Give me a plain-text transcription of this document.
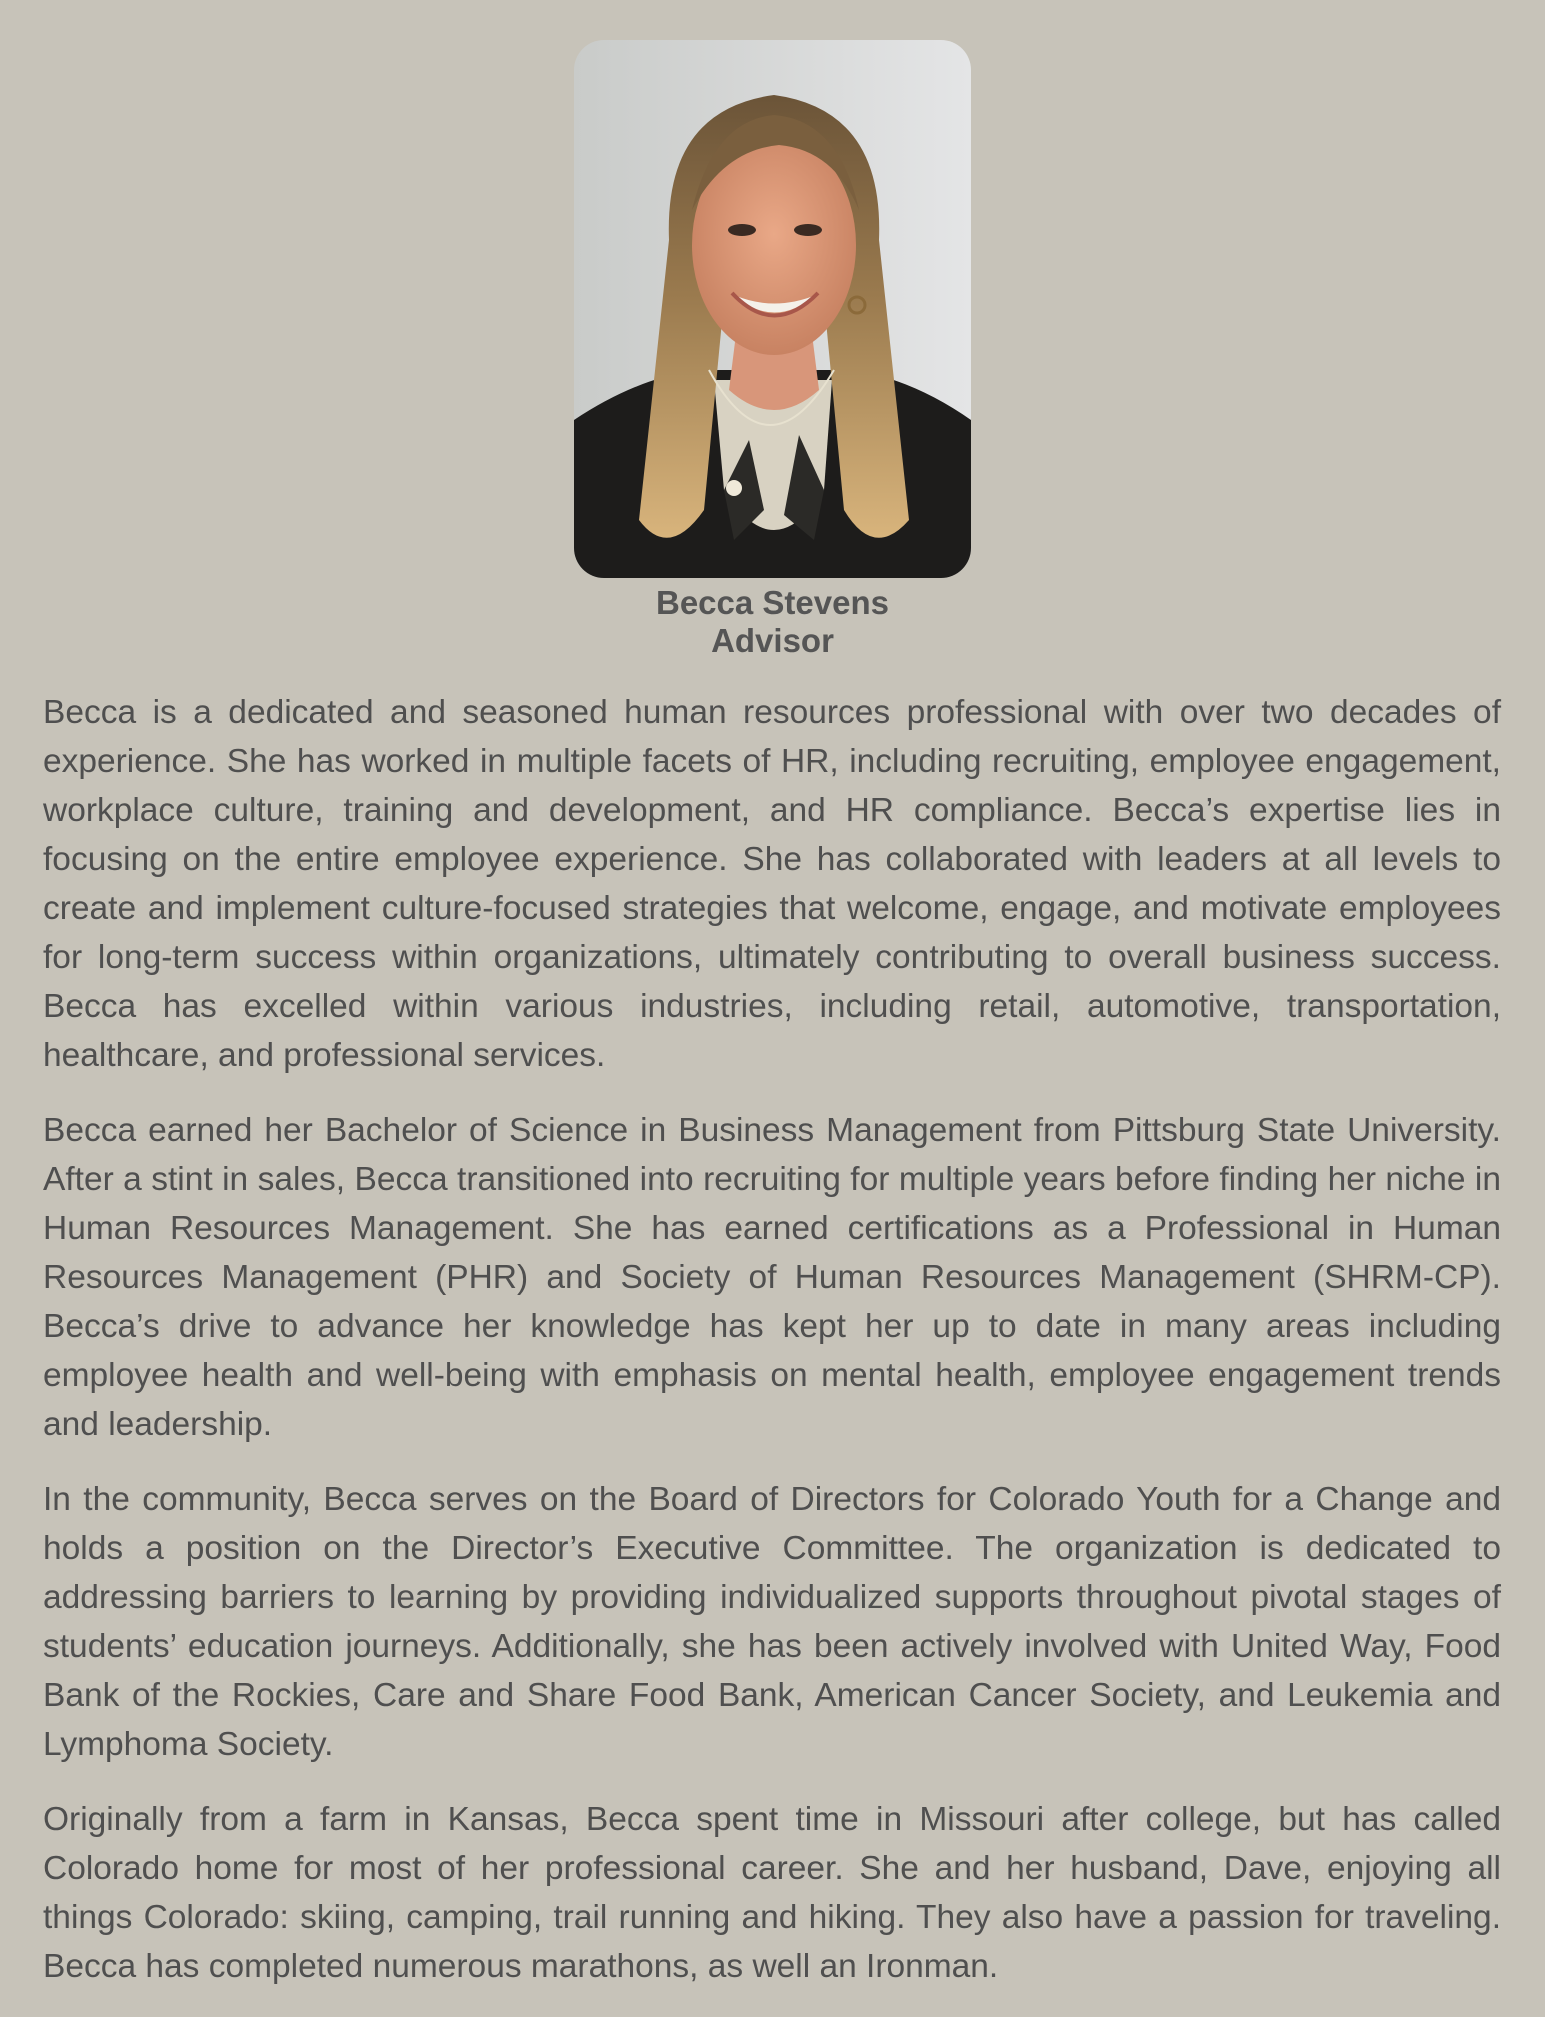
Becca Stevens
Advisor

Becca is a dedicated and seasoned human resources professional with over two decades of experience. She has worked in multiple facets of HR, including recruiting, employee engagement, workplace culture, training and development, and HR compliance. Becca’s expertise lies in focusing on the entire employee experience. She has collaborated with leaders at all levels to create and implement culture-focused strategies that welcome, engage, and motivate employees for long-term success within organizations, ultimately contributing to overall business success. Becca has excelled within various industries, including retail, automotive, transportation, healthcare, and professional services.

Becca earned her Bachelor of Science in Business Management from Pittsburg State University. After a stint in sales, Becca transitioned into recruiting for multiple years before finding her niche in Human Resources Management. She has earned certifications as a Professional in Human Resources Management (PHR) and Society of Human Resources Management (SHRM-CP). Becca’s drive to advance her knowledge has kept her up to date in many areas including employee health and well-being with emphasis on mental health, employee engagement trends and leadership.

In the community, Becca serves on the Board of Directors for Colorado Youth for a Change and holds a position on the Director’s Executive Committee. The organization is dedicated to addressing barriers to learning by providing individualized supports throughout pivotal stages of students’ education journeys. Additionally, she has been actively involved with United Way, Food Bank of the Rockies, Care and Share Food Bank, American Cancer Society, and Leukemia and Lymphoma Society.

Originally from a farm in Kansas, Becca spent time in Missouri after college, but has called Colorado home for most of her professional career. She and her husband, Dave, enjoying all things Colorado: skiing, camping, trail running and hiking. They also have a passion for traveling. Becca has completed numerous marathons, as well an Ironman.
